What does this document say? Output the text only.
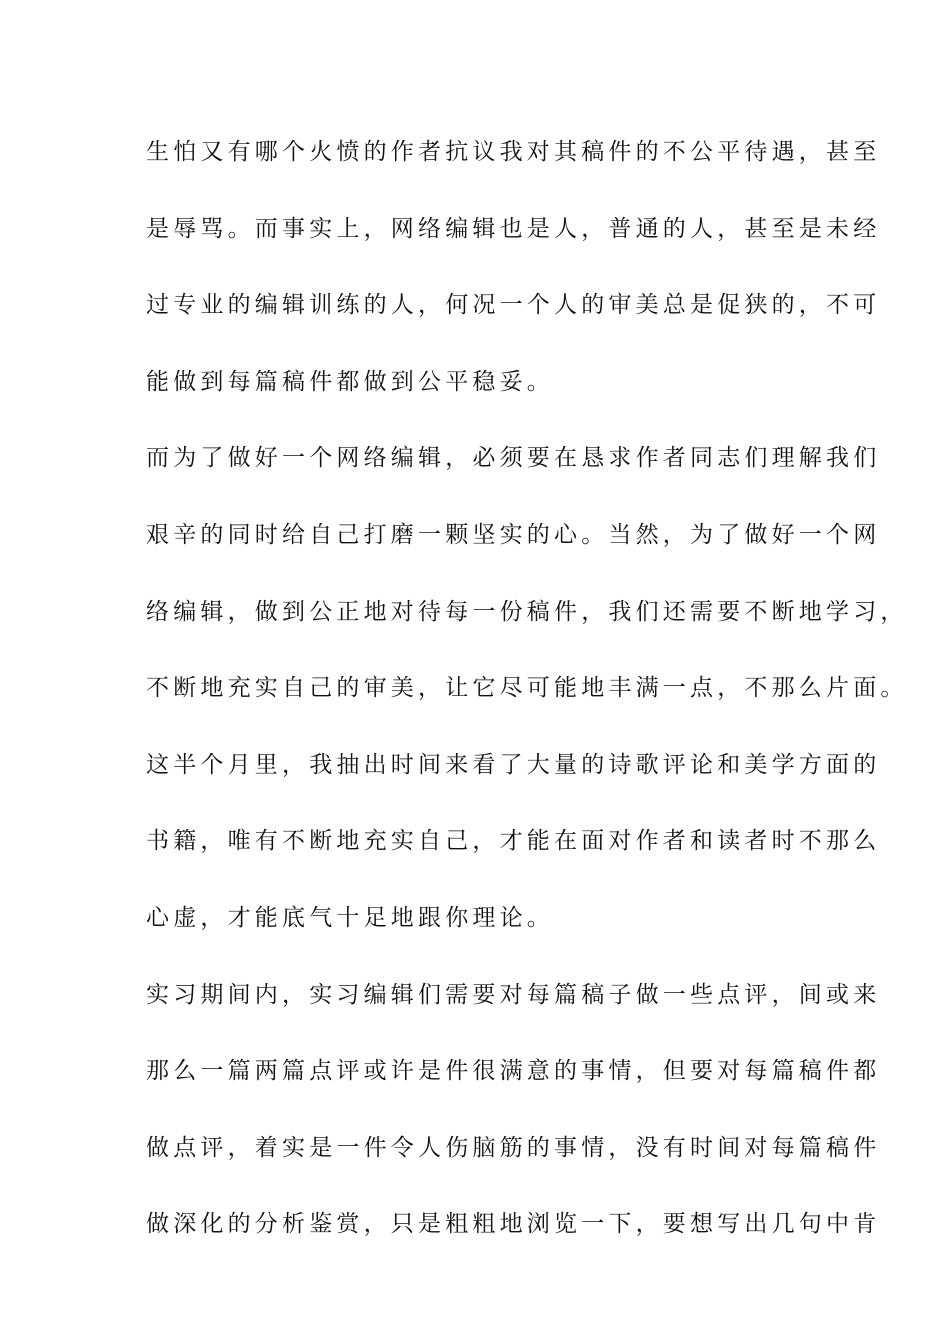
生怕又有哪个火愤的作者抗议我对其稿件的不公平待遇，甚至
是辱骂。而事实上，网络编辑也是人，普通的人，甚至是未经
过专业的编辑训练的人，何况一个人的审美总是促狭的，不可
能做到每篇稿件都做到公平稳妥。
而为了做好一个网络编辑，必须要在恳求作者同志们理解我们
艰辛的同时给自己打磨一颗坚实的心。当然，为了做好一个网
络编辑，做到公正地对待每一份稿件，我们还需要不断地学习，
不断地充实自己的审美，让它尽可能地丰满一点，不那么片面。
这半个月里，我抽出时间来看了大量的诗歌评论和美学方面的
书籍，唯有不断地充实自己，才能在面对作者和读者时不那么
心虚，才能底气十足地跟你理论。
实习期间内，实习编辑们需要对每篇稿子做一些点评，间或来
那么一篇两篇点评或许是件很满意的事情，但要对每篇稿件都
做点评，着实是一件令人伤脑筋的事情，没有时间对每篇稿件
做深化的分析鉴赏，只是粗粗地浏览一下，要想写出几句中肯
